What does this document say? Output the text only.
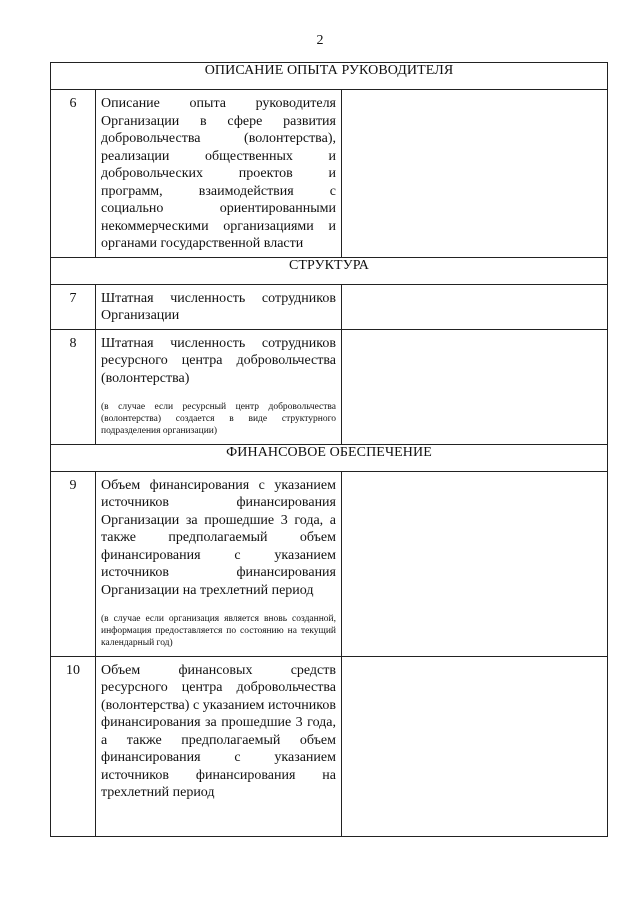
2
ОПИСАНИЕ ОПЫТА РУКОВОДИТЕЛЯ		
6	Описание опыта руководителя Организации в сфере развития добровольчества (волонтерства), реализации общественных и добровольческих проектов и программ, взаимодействия с социально ориентированными некоммерческими организациями и органами государственной власти	

СТРУКТУРА		
7	Штатная численность сотрудников Организации	

8	Штатная численность сотрудников ресурсного центра добровольчества (волонтерства)
(в случае если ресурсный центр добровольчества (волонтерства) создается в виде структурного подразделения организации)	

ФИНАНСОВОЕ ОБЕСПЕЧЕНИЕ		
9	Объем финансирования с указанием источников финансирования Организации за прошедшие 3 года, а также предполагаемый объем финансирования с указанием источников финансирования Организации на трехлетний период
(в случае если организация является вновь созданной, информация предоставляется по состоянию на текущий календарный год)	

10	Объем финансовых средств ресурсного центра добровольчества (волонтерства) с указанием источников финансирования за прошедшие 3 года, а также предполагаемый объем финансирования с указанием источников финансирования на трехлетний период	
